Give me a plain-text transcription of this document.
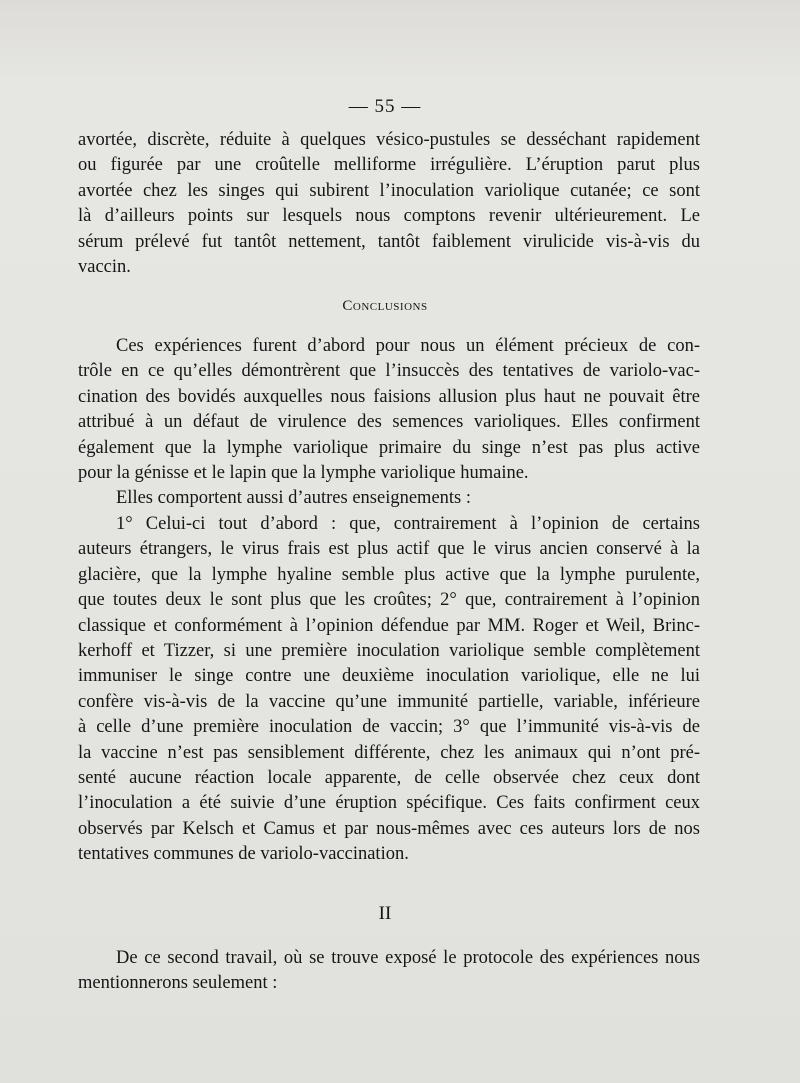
— 55 —
avortée, discrète, réduite à quelques vésico-pustules se desséchant rapidement
ou figurée par une croûtelle melliforme irrégulière. L’éruption parut plus
avortée chez les singes qui subirent l’inoculation variolique cutanée; ce sont
là d’ailleurs points sur lesquels nous comptons revenir ultérieurement. Le
sérum prélevé fut tantôt nettement, tantôt faiblement virulicide vis-à-vis du
vaccin.
Conclusions
Ces expériences furent d’abord pour nous un élément précieux de con-
trôle en ce qu’elles démontrèrent que l’insuccès des tentatives de variolo-vac-
cination des bovidés auxquelles nous faisions allusion plus haut ne pouvait être
attribué à un défaut de virulence des semences varioliques. Elles confirment
également que la lymphe variolique primaire du singe n’est pas plus active
pour la génisse et le lapin que la lymphe variolique humaine.
Elles comportent aussi d’autres enseignements :
1° Celui-ci tout d’abord : que, contrairement à l’opinion de certains
auteurs étrangers, le virus frais est plus actif que le virus ancien conservé à la
glacière, que la lymphe hyaline semble plus active que la lymphe purulente,
que toutes deux le sont plus que les croûtes; 2° que, contrairement à l’opinion
classique et conformément à l’opinion défendue par MM. Roger et Weil, Brinc-
kerhoff et Tizzer, si une première inoculation variolique semble complètement
immuniser le singe contre une deuxième inoculation variolique, elle ne lui
confère vis-à-vis de la vaccine qu’une immunité partielle, variable, inférieure
à celle d’une première inoculation de vaccin; 3° que l’immunité vis-à-vis de
la vaccine n’est pas sensiblement différente, chez les animaux qui n’ont pré-
senté aucune réaction locale apparente, de celle observée chez ceux dont
l’inoculation a été suivie d’une éruption spécifique. Ces faits confirment ceux
observés par Kelsch et Camus et par nous-mêmes avec ces auteurs lors de nos
tentatives communes de variolo-vaccination.
II
De ce second travail, où se trouve exposé le protocole des expériences nous
mentionnerons seulement :
